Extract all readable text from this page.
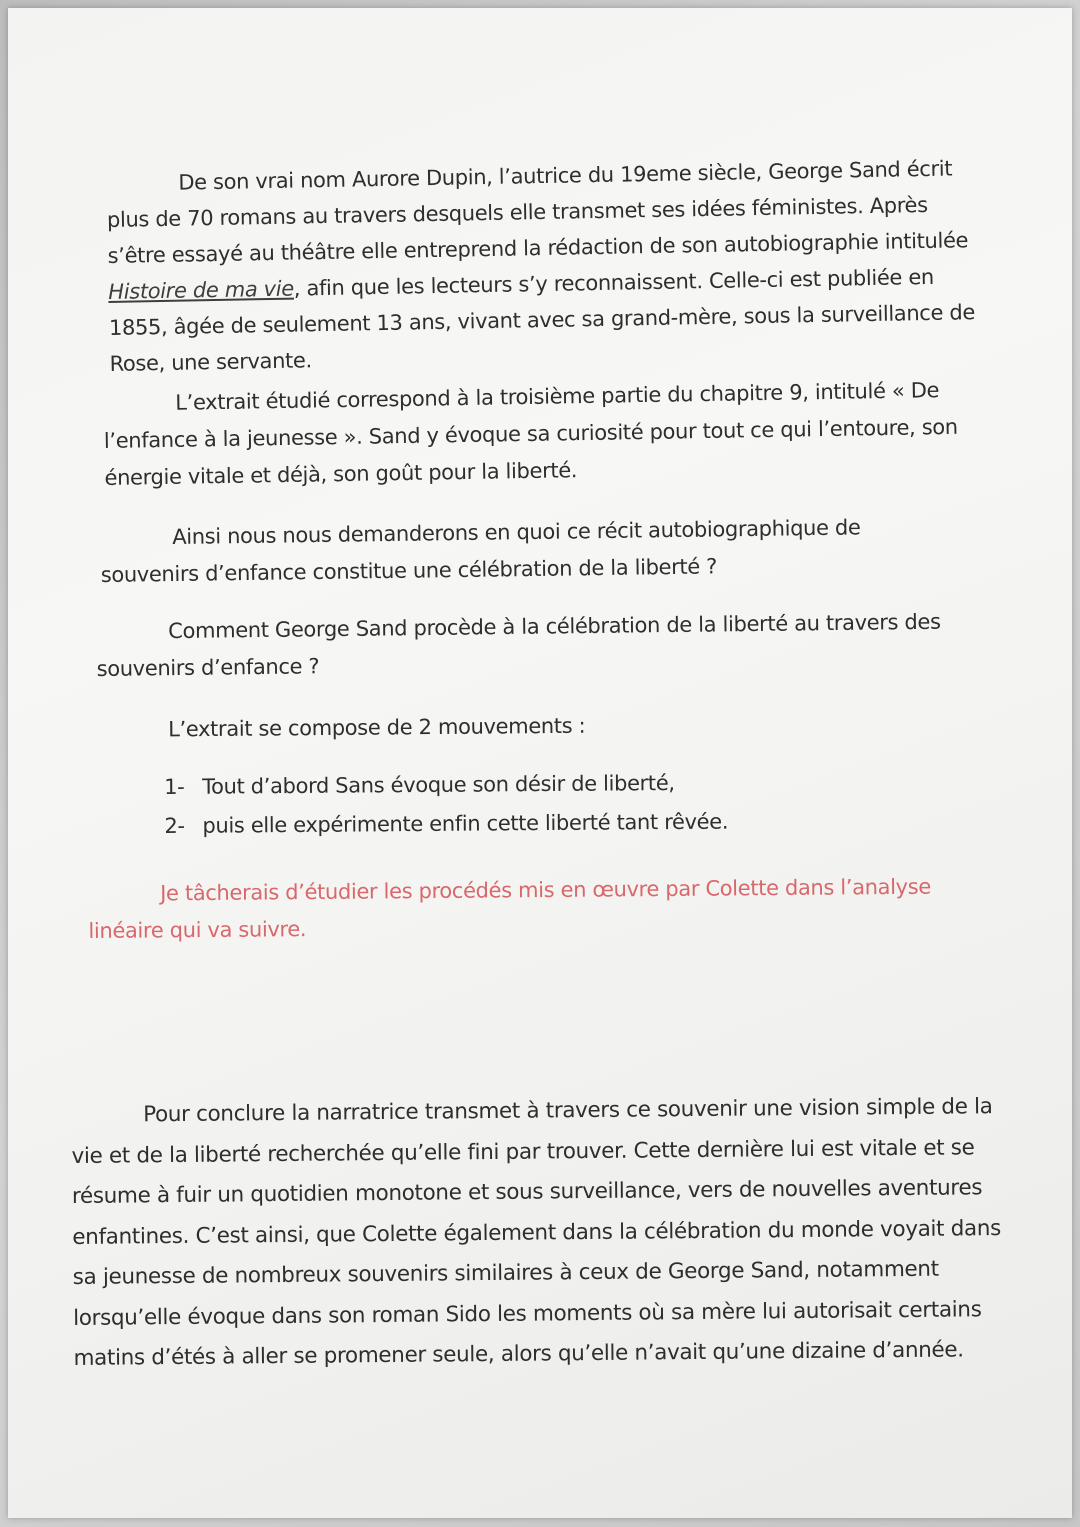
De son vrai nom Aurore Dupin, l’autrice du 19eme siècle, George Sand écrit plus de 70 romans au travers desquels elle transmet ses idées féministes. Après s’être essayé au théâtre elle entreprend la rédaction de son autobiographie intitulée Histoire de ma vie, afin que les lecteurs s’y reconnaissent. Celle-ci est publiée en 1855, âgée de seulement 13 ans, vivant avec sa grand-mère, sous la surveillance de Rose, une servante.
L’extrait étudié correspond à la troisième partie du chapitre 9, intitulé « De l’enfance à la jeunesse ». Sand y évoque sa curiosité pour tout ce qui l’entoure, son énergie vitale et déjà, son goût pour la liberté.
Ainsi nous nous demanderons en quoi ce récit autobiographique de souvenirs d’enfance constitue une célébration de la liberté ?
Comment George Sand procède à la célébration de la liberté au travers des souvenirs d’enfance ?
L’extrait se compose de 2 mouvements :
1- Tout d’abord Sans évoque son désir de liberté,
2- puis elle expérimente enfin cette liberté tant rêvée.
Je tâcherais d’étudier les procédés mis en œuvre par Colette dans l’analyse linéaire qui va suivre.
Pour conclure la narratrice transmet à travers ce souvenir une vision simple de la vie et de la liberté recherchée qu’elle fini par trouver. Cette dernière lui est vitale et se résume à fuir un quotidien monotone et sous surveillance, vers de nouvelles aventures enfantines. C’est ainsi, que Colette également dans la célébration du monde voyait dans sa jeunesse de nombreux souvenirs similaires à ceux de George Sand, notamment lorsqu’elle évoque dans son roman Sido les moments où sa mère lui autorisait certains matins d’étés à aller se promener seule, alors qu’elle n’avait qu’une dizaine d’année.
